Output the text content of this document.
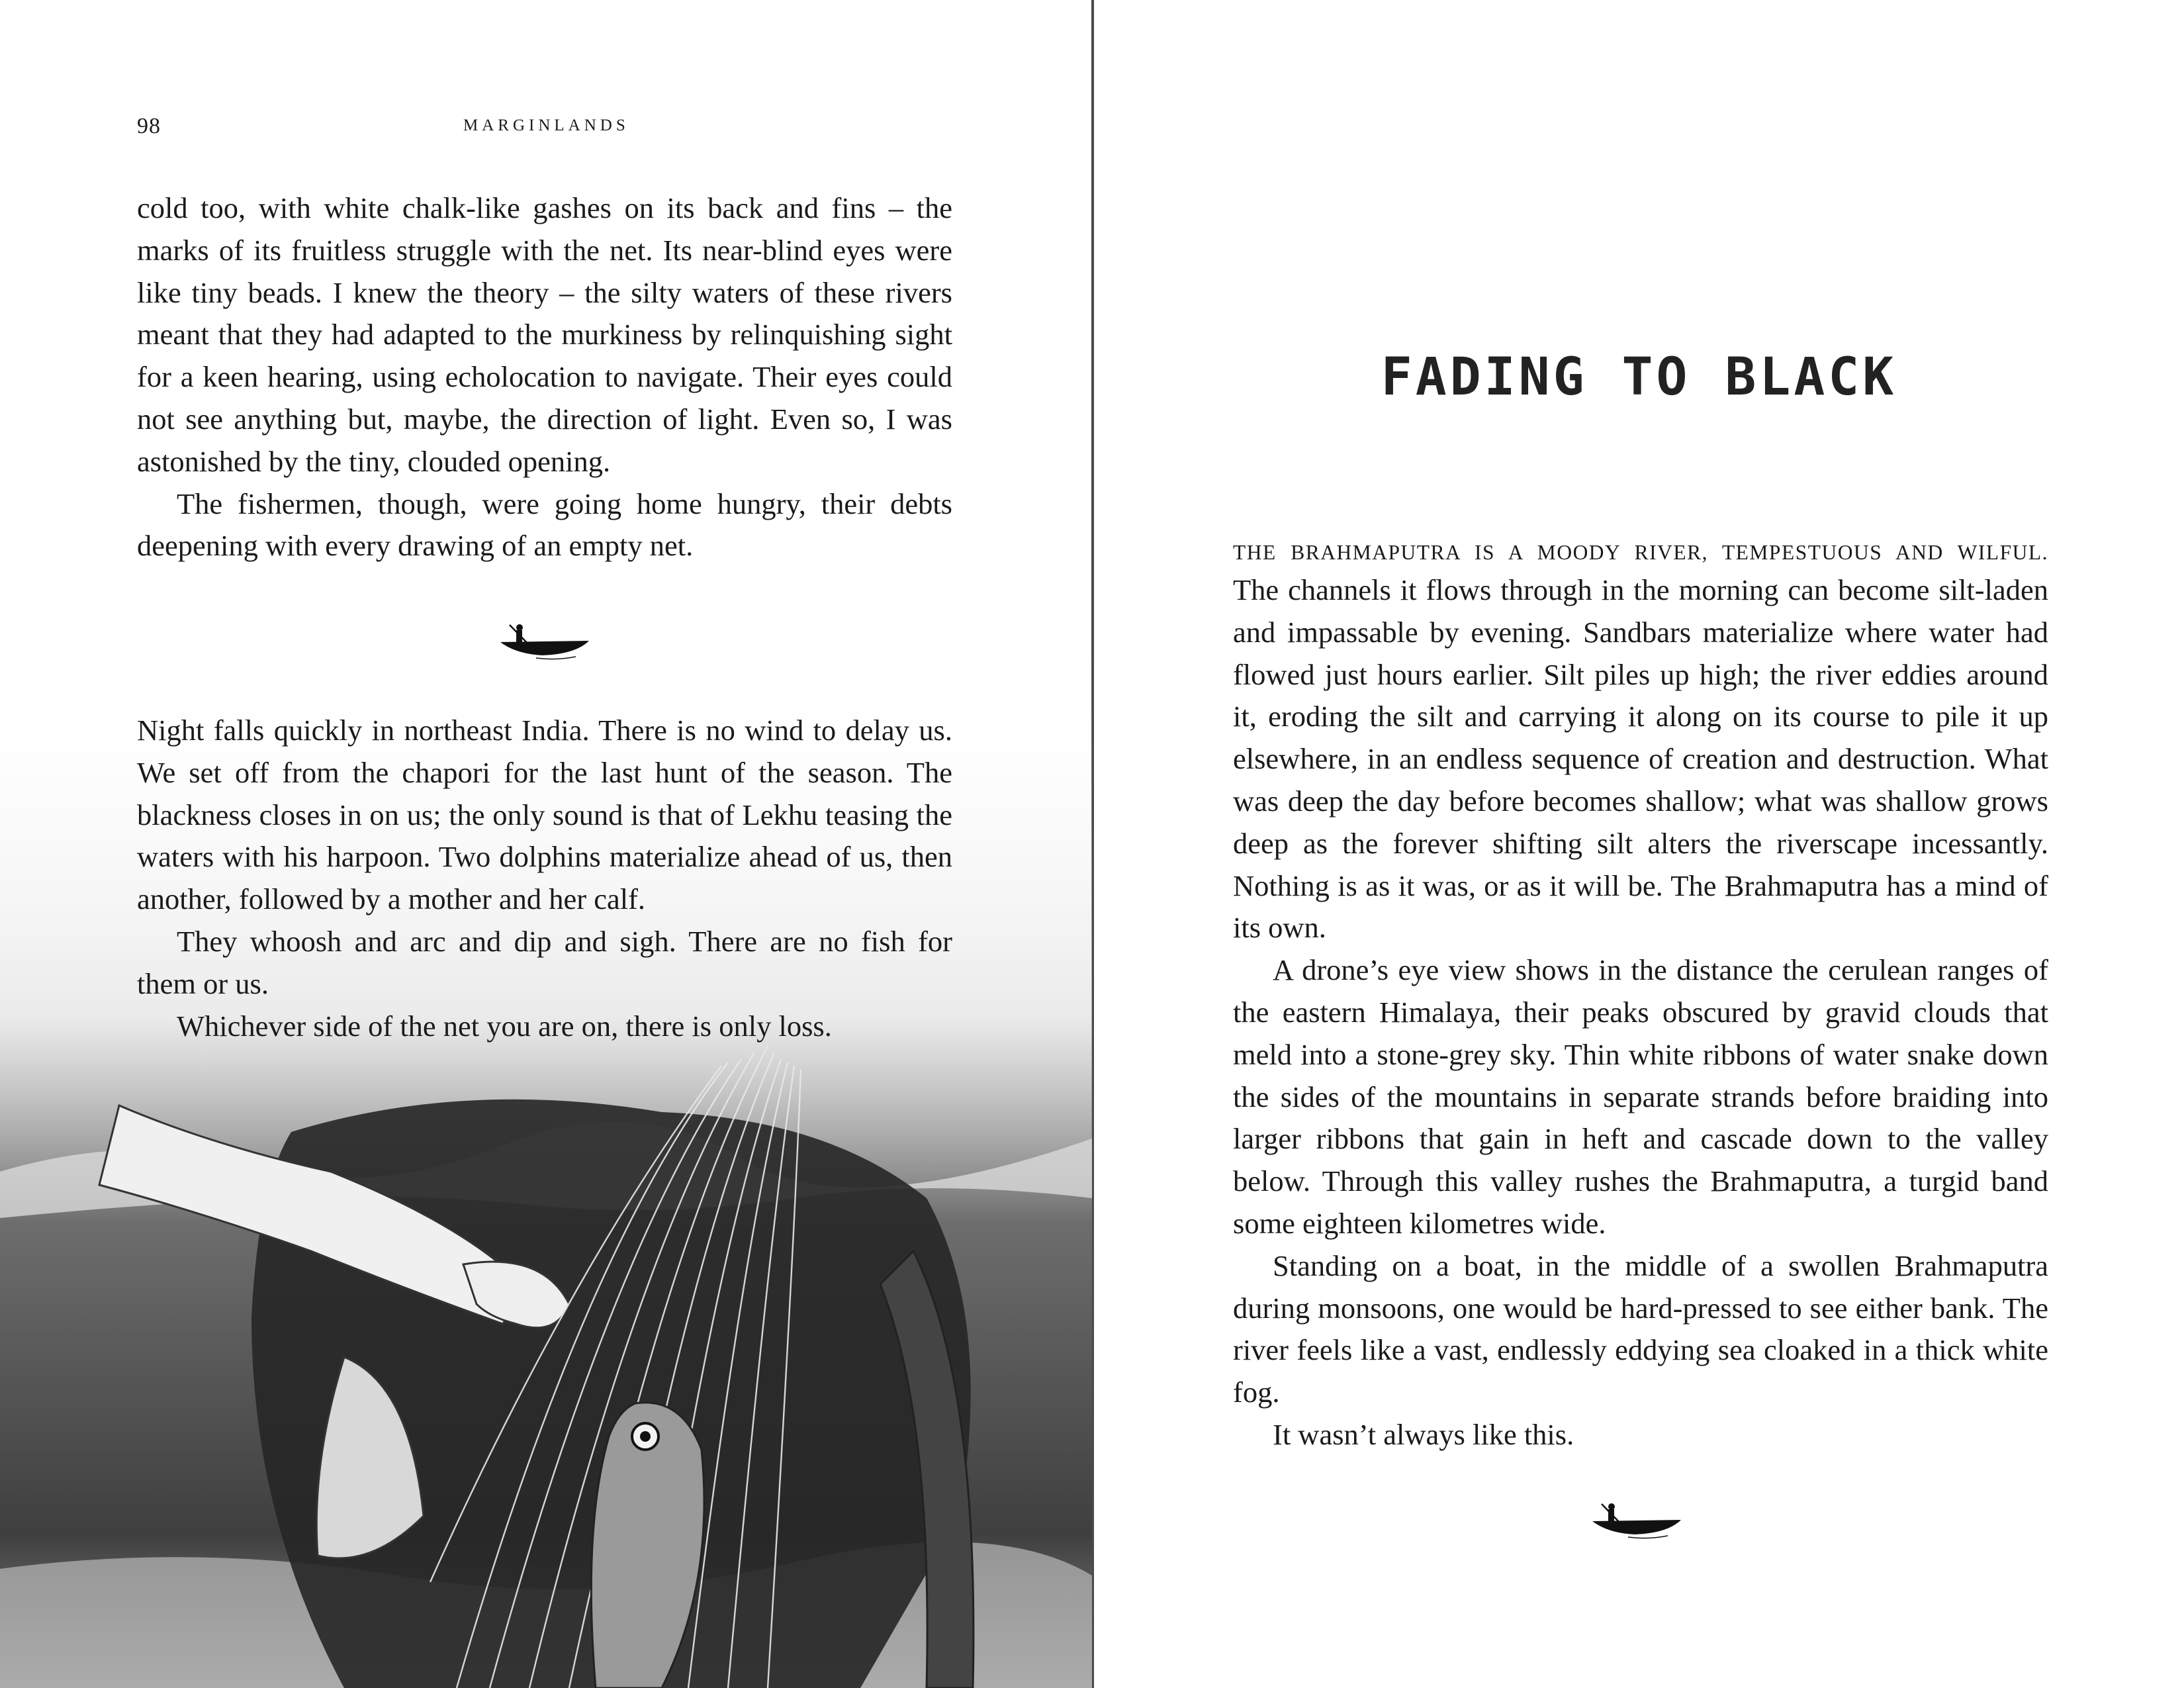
98	MARGINLANDS

cold too, with white chalk-like gashes on its back and fins – the marks of its fruitless struggle with the net. Its near-blind eyes were like tiny beads. I knew the theory – the silty waters of these rivers meant that they had adapted to the murkiness by relinquishing sight for a keen hearing, using echolocation to navigate. Their eyes could not see anything but, maybe, the direction of light. Even so, I was astonished by the tiny, clouded opening.

The fishermen, though, were going home hungry, their debts deepening with every drawing of an empty net.

Night falls quickly in northeast India. There is no wind to delay us. We set off from the chapori for the last hunt of the season. The blackness closes in on us; the only sound is that of Lekhu teasing the waters with his harpoon. Two dolphins materialize ahead of us, then another, followed by a mother and her calf.

They whoosh and arc and dip and sigh. There are no fish for them or us.

Whichever side of the net you are on, there is only loss.

FADING TO BLACK

THE BRAHMAPUTRA IS A MOODY RIVER, TEMPESTUOUS AND WILFUL.

The channels it flows through in the morning can become silt-laden and impassable by evening. Sandbars materialize where water had flowed just hours earlier. Silt piles up high; the river eddies around it, eroding the silt and carrying it along on its course to pile it up elsewhere, in an endless sequence of creation and destruction. What was deep the day before becomes shallow; what was shallow grows deep as the forever shifting silt alters the riverscape incessantly. Nothing is as it was, or as it will be. The Brahmaputra has a mind of its own.

A drone’s eye view shows in the distance the cerulean ranges of the eastern Himalaya, their peaks obscured by gravid clouds that meld into a stone-grey sky. Thin white ribbons of water snake down the sides of the mountains in separate strands before braiding into larger ribbons that gain in heft and cascade down to the valley below. Through this valley rushes the Brahmaputra, a turgid band some eighteen kilometres wide.

Standing on a boat, in the middle of a swollen Brahmaputra during monsoons, one would be hard-pressed to see either bank. The river feels like a vast, endlessly eddying sea cloaked in a thick white fog.

It wasn’t always like this.
